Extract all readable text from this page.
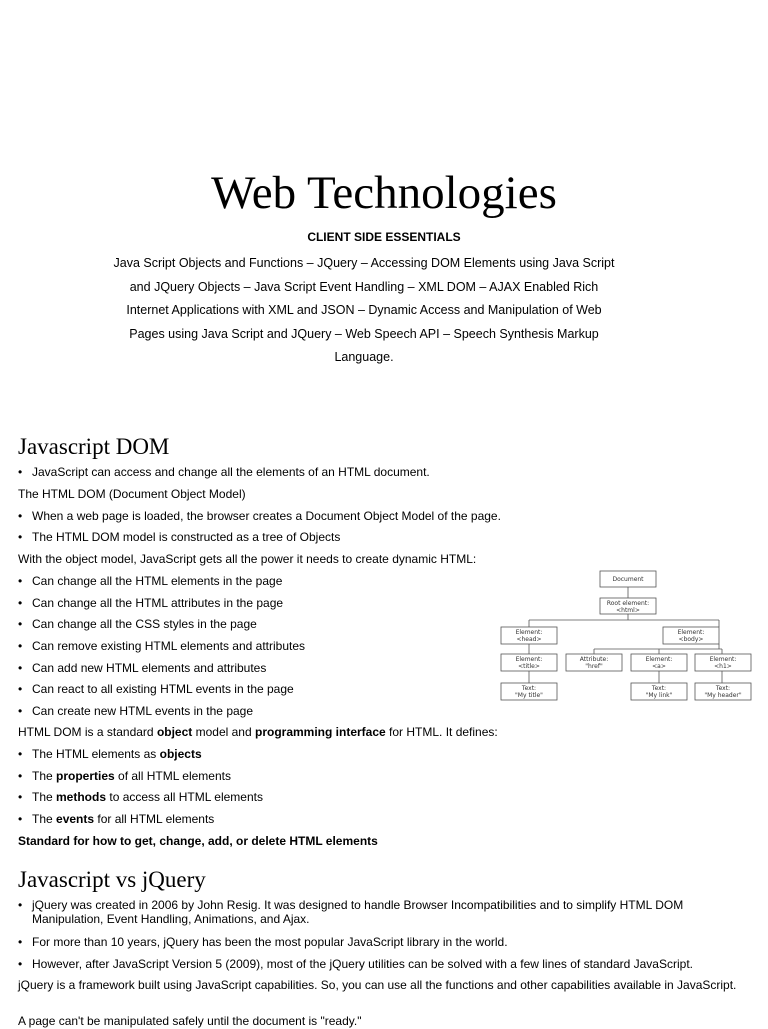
Web Technologies
CLIENT SIDE ESSENTIALS
Java Script Objects and Functions – JQuery – Accessing DOM Elements using Java Script
and JQuery Objects – Java Script Event Handling – XML DOM – AJAX Enabled Rich
Internet Applications with XML and JSON – Dynamic Access and Manipulation of Web
Pages using Java Script and JQuery – Web Speech API – Speech Synthesis Markup
Language.
Javascript DOM
• JavaScript can access and change all the elements of an HTML document.
The HTML DOM (Document Object Model)
• When a web page is loaded, the browser creates a Document Object Model of the page.
• The HTML DOM model is constructed as a tree of Objects
With the object model, JavaScript gets all the power it needs to create dynamic HTML:
• Can change all the HTML elements in the page
• Can change all the HTML attributes in the page
• Can change all the CSS styles in the page
• Can remove existing HTML elements and attributes
• Can add new HTML elements and attributes
• Can react to all existing HTML events in the page
• Can create new HTML events in the page
HTML DOM is a standard object model and programming interface for HTML. It defines:
• The HTML elements as objects
• The properties of all HTML elements
• The methods to access all HTML elements
• The events for all HTML elements
Standard for how to get, change, add, or delete HTML elements
Document
Root element:
<html>
Element:
<head>
Element:
<body>
Element:
<title>
Attribute:
"href"
Element:
<a>
Element:
<h1>
Text:
"My title"
Text:
"My link"
Text:
"My header"
Javascript vs jQuery
• jQuery was created in 2006 by John Resig. It was designed to handle Browser Incompatibilities and to simplify HTML DOM Manipulation, Event Handling, Animations, and Ajax.
• For more than 10 years, jQuery has been the most popular JavaScript library in the world.
• However, after JavaScript Version 5 (2009), most of the jQuery utilities can be solved with a few lines of standard JavaScript.
jQuery is a framework built using JavaScript capabilities. So, you can use all the functions and other capabilities available in JavaScript.
A page can't be manipulated safely until the document is "ready."
